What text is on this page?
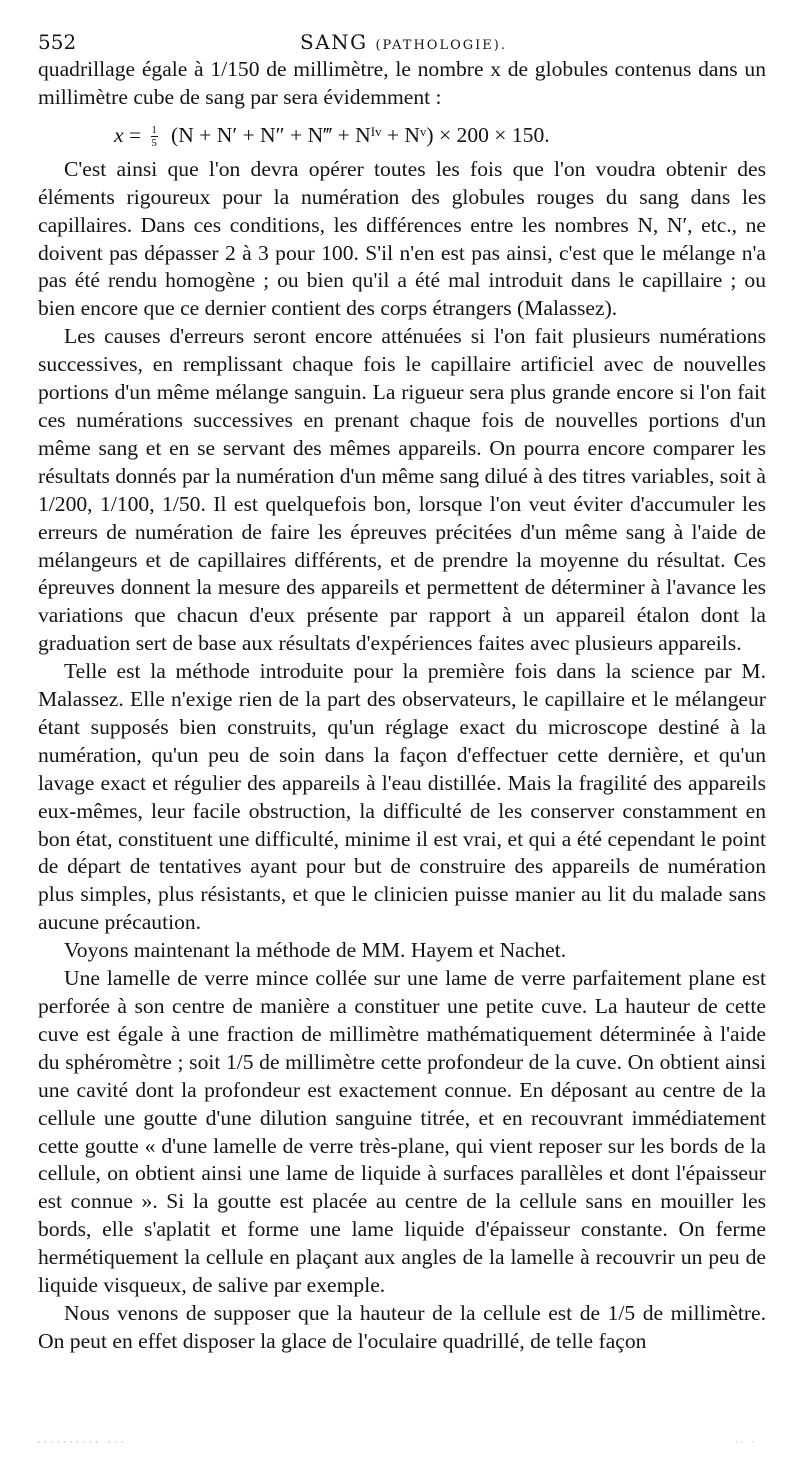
552	SANG (PATHOLOGIE).

quadrillage égale à 1/150 de millimètre, le nombre x de globules contenus dans un millimètre cube de sang par sera évidemment :

$x = \frac{1}{5} (N + N' + N''$ + N‴ + Nᴵᵛ + Nᵛ) × 200 × 150.

C'est ainsi que l'on devra opérer toutes les fois que l'on voudra obtenir des éléments rigoureux pour la numération des globules rouges du sang dans les capillaires. Dans ces conditions, les différences entre les nombres N, N′, etc., ne doivent pas dépasser 2 à 3 pour 100. S'il n'en est pas ainsi, c'est que le mélange n'a pas été rendu homogène ; ou bien qu'il a été mal introduit dans le capillaire ; ou bien encore que ce dernier contient des corps étrangers (Malassez).

Les causes d'erreurs seront encore atténuées si l'on fait plusieurs numérations successives, en remplissant chaque fois le capillaire artificiel avec de nouvelles portions d'un même mélange sanguin. La rigueur sera plus grande encore si l'on fait ces numérations successives en prenant chaque fois de nouvelles portions d'un même sang et en se servant des mêmes appareils. On pourra encore comparer les résultats donnés par la numération d'un même sang dilué à des titres variables, soit à 1/200, 1/100, 1/50. Il est quelquefois bon, lorsque l'on veut éviter d'accumuler les erreurs de numération de faire les épreuves précitées d'un même sang à l'aide de mélangeurs et de capillaires différents, et de prendre la moyenne du résultat. Ces épreuves donnent la mesure des appareils et permettent de déterminer à l'avance les variations que chacun d'eux présente par rapport à un appareil étalon dont la graduation sert de base aux résultats d'expériences faites avec plusieurs appareils.

Telle est la méthode introduite pour la première fois dans la science par M. Malassez. Elle n'exige rien de la part des observateurs, le capillaire et le mélangeur étant supposés bien construits, qu'un réglage exact du microscope destiné à la numération, qu'un peu de soin dans la façon d'effectuer cette dernière, et qu'un lavage exact et régulier des appareils à l'eau distillée. Mais la fragilité des appareils eux-mêmes, leur facile obstruction, la difficulté de les conserver constamment en bon état, constituent une difficulté, minime il est vrai, et qui a été cependant le point de départ de tentatives ayant pour but de construire des appareils de numération plus simples, plus résistants, et que le clinicien puisse manier au lit du malade sans aucune précaution.

Voyons maintenant la méthode de MM. Hayem et Nachet.

Une lamelle de verre mince collée sur une lame de verre parfaitement plane est perforée à son centre de manière a constituer une petite cuve. La hauteur de cette cuve est égale à une fraction de millimètre mathématiquement déterminée à l'aide du sphéromètre ; soit 1/5 de millimètre cette profondeur de la cuve. On obtient ainsi une cavité dont la profondeur est exactement connue. En déposant au centre de la cellule une goutte d'une dilution sanguine titrée, et en recouvrant immédiatement cette goutte « d'une lamelle de verre très-plane, qui vient reposer sur les bords de la cellule, on obtient ainsi une lame de liquide à surfaces parallèles et dont l'épaisseur est connue ». Si la goutte est placée au centre de la cellule sans en mouiller les bords, elle s'aplatit et forme une lame liquide d'épaisseur constante. On ferme hermétiquement la cellule en plaçant aux angles de la lamelle à recouvrir un peu de liquide visqueux, de salive par exemple.

Nous venons de supposer que la hauteur de la cellule est de 1/5 de millimètre. On peut en effet disposer la glace de l'oculaire quadrillé, de telle façon

·········· ···	·· ·
